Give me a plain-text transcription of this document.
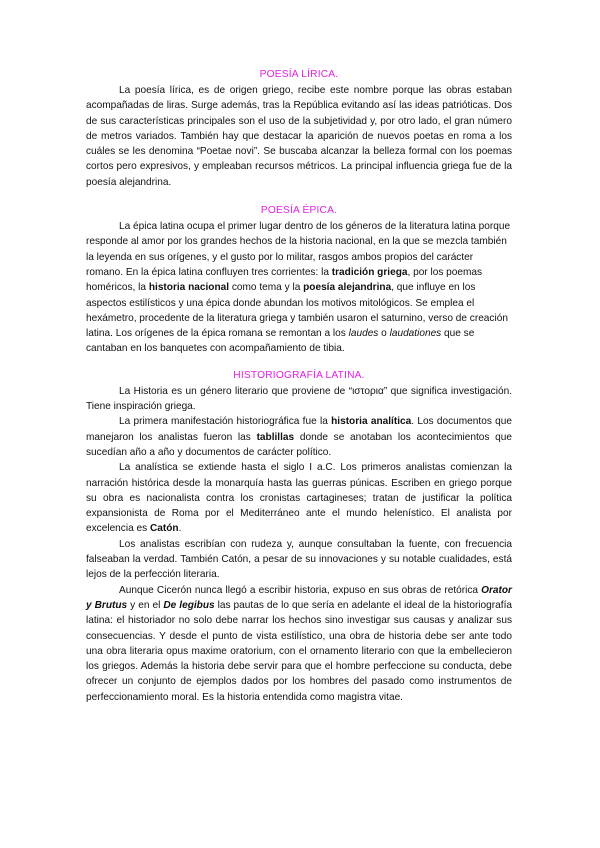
POESÍA LÍRICA.

La poesía lírica, es de origen griego, recibe este nombre porque las obras estaban acompañadas de liras. Surge además, tras la República evitando así las ideas patrióticas. Dos de sus características principales son el uso de la subjetividad y, por otro lado, el gran número de metros variados. También hay que destacar la aparición de nuevos poetas en roma a los cuáles se les denomina “Poetae novi”. Se buscaba alcanzar la belleza formal con los poemas cortos pero expresivos, y empleaban recursos métricos. La principal influencia griega fue de la poesía alejandrina.

POESÍA ÉPICA.

La épica latina ocupa el primer lugar dentro de los géneros de la literatura latina porque responde al amor por los grandes hechos de la historia nacional, en la que se mezcla también la leyenda en sus orígenes, y el gusto por lo militar, rasgos ambos propios del carácter romano. En la épica latina confluyen tres corrientes: la tradición griega, por los poemas homéricos, la historia nacional como tema y la poesía alejandrina, que influye en los aspectos estilísticos y una épica donde abundan los motivos mitológicos. Se emplea el hexámetro, procedente de la literatura griega y también usaron el saturnino, verso de creación latina. Los orígenes de la épica romana se remontan a los laudes o laudationes que se cantaban en los banquetes con acompañamiento de tibia.

HISTORIOGRAFÍA LATINA.

La Historia es un género literario que proviene de “ιστορια” que significa investigación. Tiene inspiración griega.

La primera manifestación historiográfica fue la historia analítica. Los documentos que manejaron los analistas fueron las tablillas donde se anotaban los acontecimientos que sucedían año a año y documentos de carácter político.

La analística se extiende hasta el siglo I a.C. Los primeros analistas comienzan la narración histórica desde la monarquía hasta las guerras púnicas. Escriben en griego porque su obra es nacionalista contra los cronistas cartagineses; tratan de justificar la política expansionista de Roma por el Mediterráneo ante el mundo helenístico. El analista por excelencia es Catón.

Los analistas escribían con rudeza y, aunque consultaban la fuente, con frecuencia falseaban la verdad. También Catón, a pesar de su innovaciones y su notable cualidades, está lejos de la perfección literaria.

Aunque Cicerón nunca llegó a escribir historia, expuso en sus obras de retórica Orator y Brutus y en el De legibus las pautas de lo que sería en adelante el ideal de la historiografía latina: el historiador no solo debe narrar los hechos sino investigar sus causas y analizar sus consecuencias. Y desde el punto de vista estilístico, una obra de historia debe ser ante todo una obra literaria opus maxime oratorium, con el ornamento literario con que la embellecieron los griegos. Además la historia debe servir para que el hombre perfeccione su conducta, debe ofrecer un conjunto de ejemplos dados por los hombres del pasado como instrumentos de perfeccionamiento moral. Es la historia entendida como magistra vitae.
